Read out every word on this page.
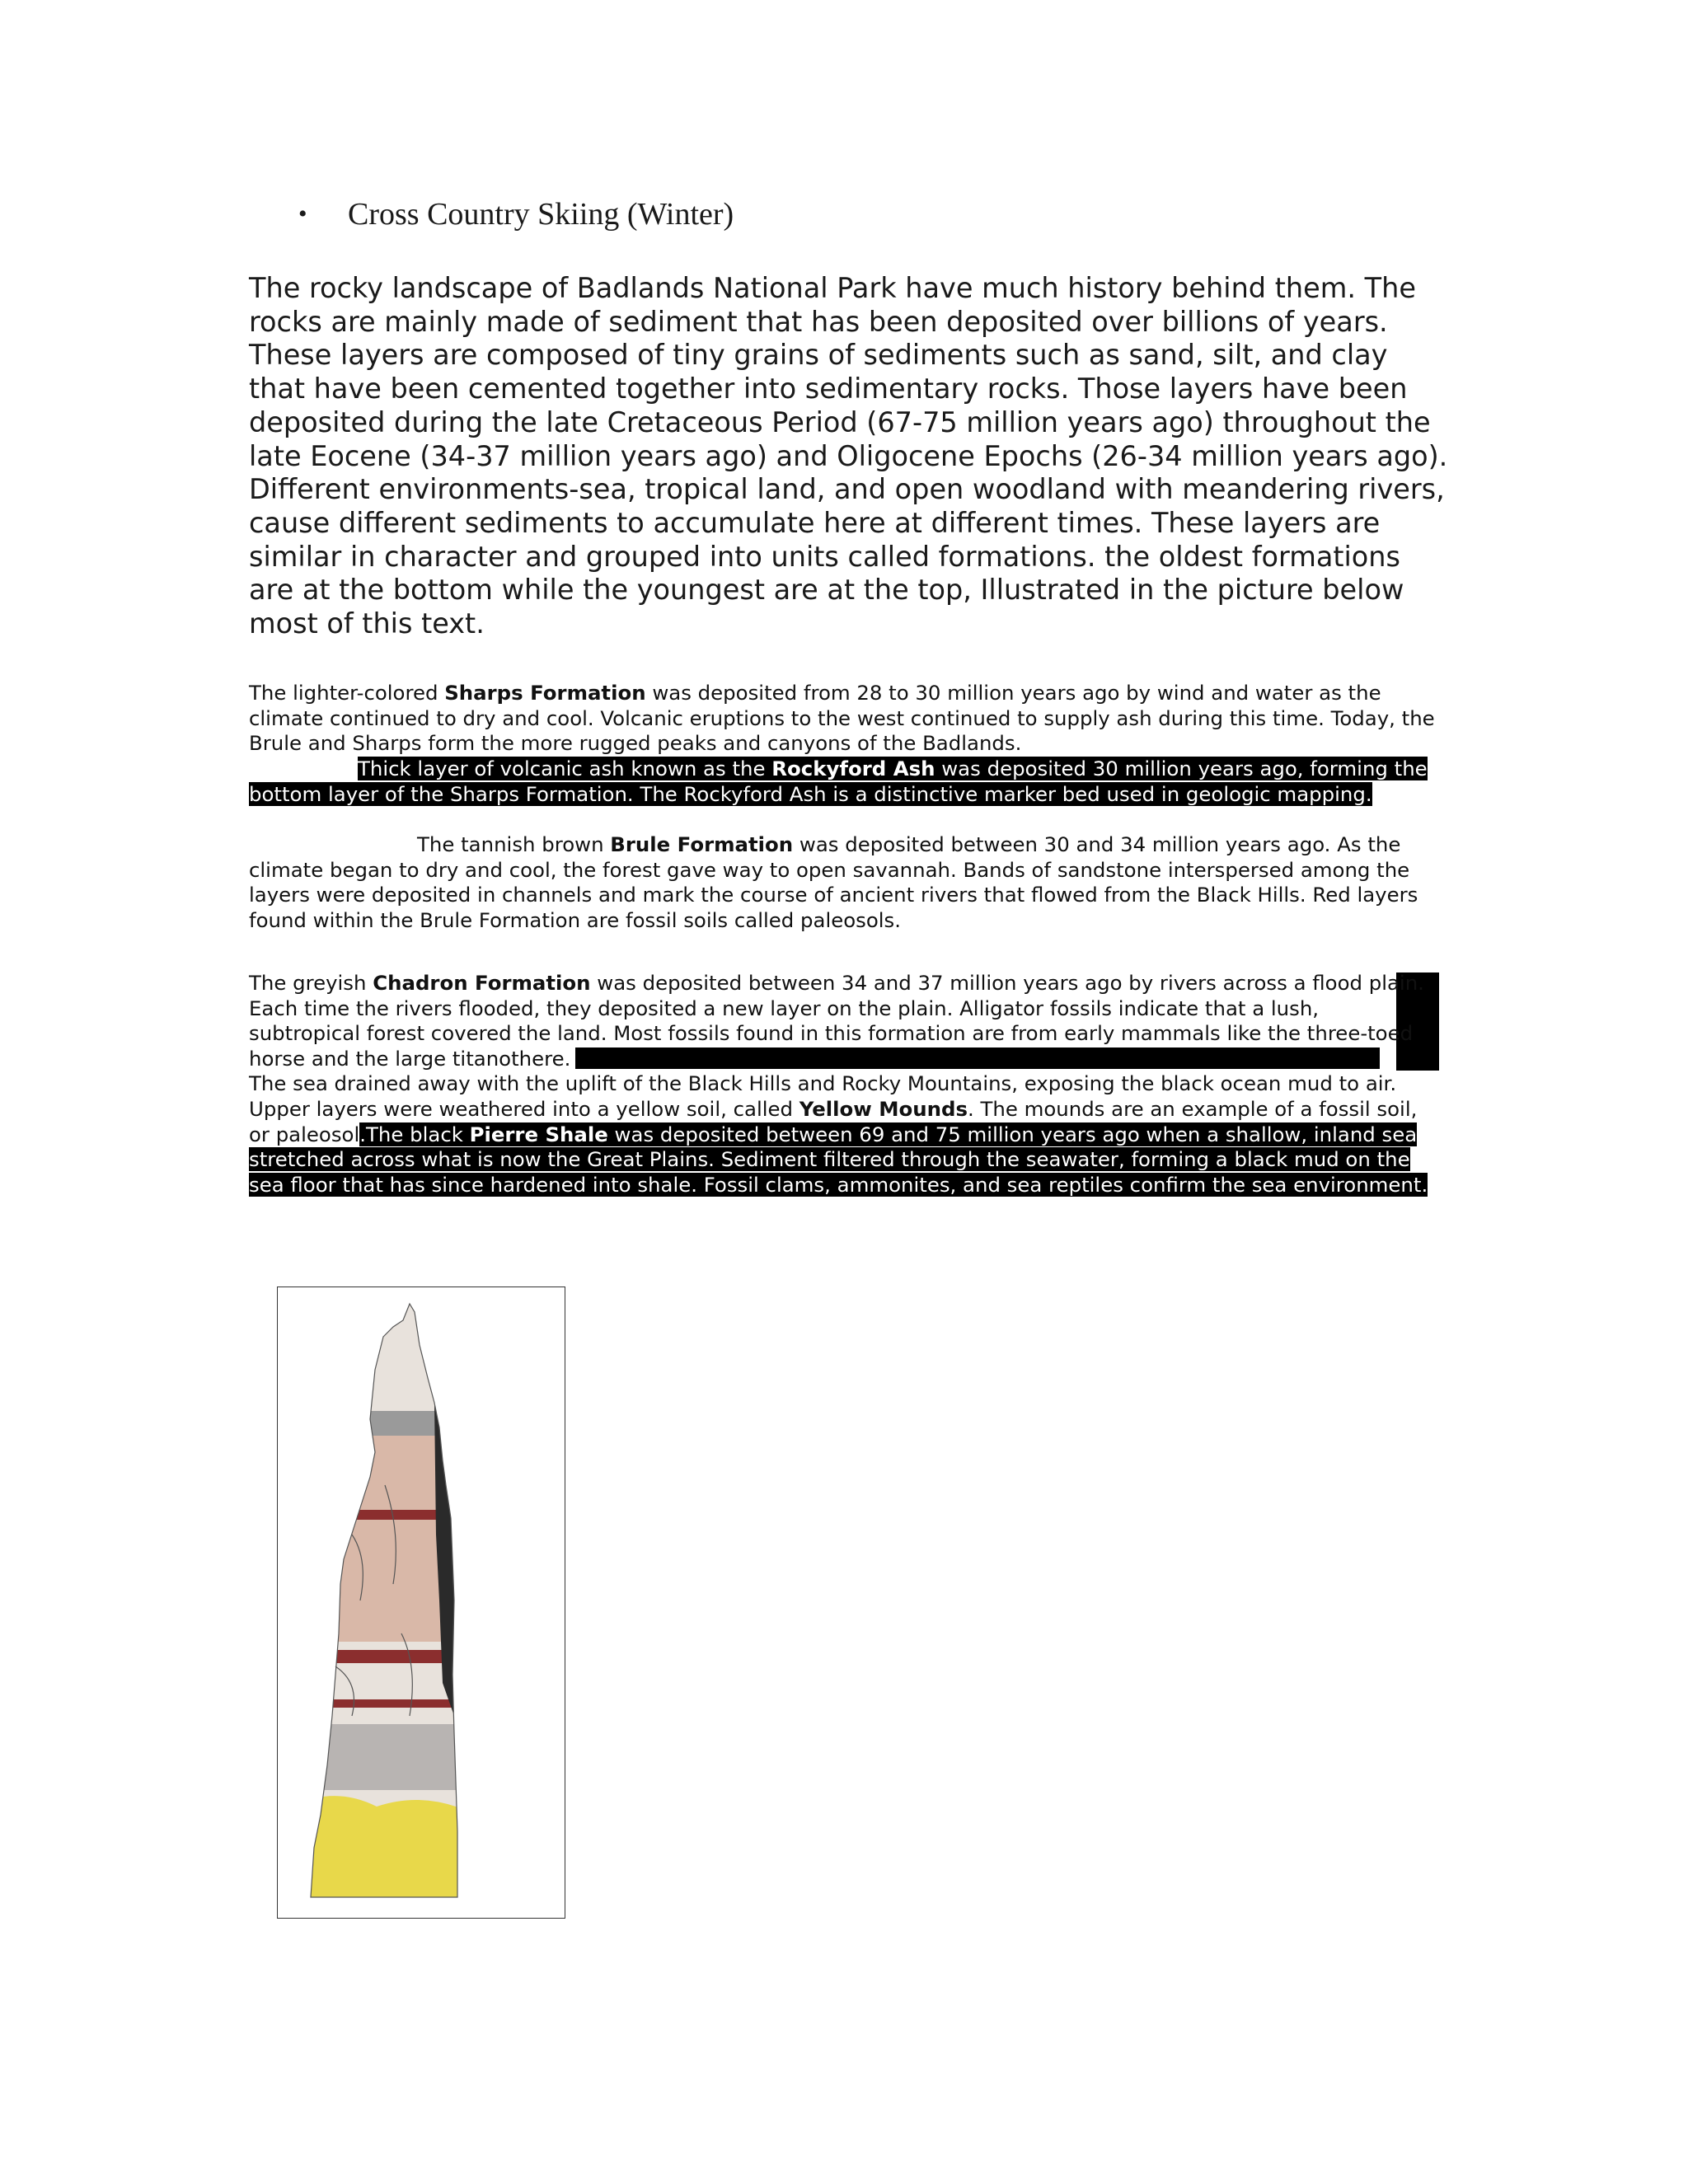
•	Cross Country Skiing (Winter)

The rocky landscape of Badlands National Park have much history behind them. The rocks are mainly made of sediment that has been deposited over billions of years. These layers are composed of tiny grains of sediments such as sand, silt, and clay that have been cemented together into sedimentary rocks. Those layers have been deposited during the late Cretaceous Period (67-75 million years ago) throughout the late Eocene (34-37 million years ago) and Oligocene Epochs (26-34 million years ago). Different environments-sea, tropical land, and open woodland with meandering rivers, cause different sediments to accumulate here at different times. These layers are similar in character and grouped into units called formations. the oldest formations are at the bottom while the youngest are at the top, Illustrated in the picture below most of this text.

The lighter-colored Sharps Formation was deposited from 28 to 30 million years ago by wind and water as the climate continued to dry and cool. Volcanic eruptions to the west continued to supply ash during this time. Today, the Brule and Sharps form the more rugged peaks and canyons of the Badlands.

Thick layer of volcanic ash known as the Rockyford Ash was deposited 30 million years ago, forming the bottom layer of the Sharps Formation. The Rockyford Ash is a distinctive marker bed used in geologic mapping.

The tannish brown Brule Formation was deposited between 30 and 34 million years ago. As the climate began to dry and cool, the forest gave way to open savannah. Bands of sandstone interspersed among the layers were deposited in channels and mark the course of ancient rivers that flowed from the Black Hills. Red layers found within the Brule Formation are fossil soils called paleosols.

The greyish Chadron Formation was deposited between 34 and 37 million years ago by rivers across a flood plain. Each time the rivers flooded, they deposited a new layer on the plain. Alligator fossils indicate that a lush, subtropical forest covered the land. Most fossils found in this formation are from early mammals like the three-toed horse and the large titanothere.
The sea drained away with the uplift of the Black Hills and Rocky Mountains, exposing the black ocean mud to air. Upper layers were weathered into a yellow soil, called Yellow Mounds. The mounds are an example of a fossil soil, or paleosol.The black Pierre Shale was deposited between 69 and 75 million years ago when a shallow, inland sea stretched across what is now the Great Plains. Sediment filtered through the seawater, forming a black mud on the sea floor that has since hardened into shale. Fossil clams, ammonites, and sea reptiles confirm the sea environment.
